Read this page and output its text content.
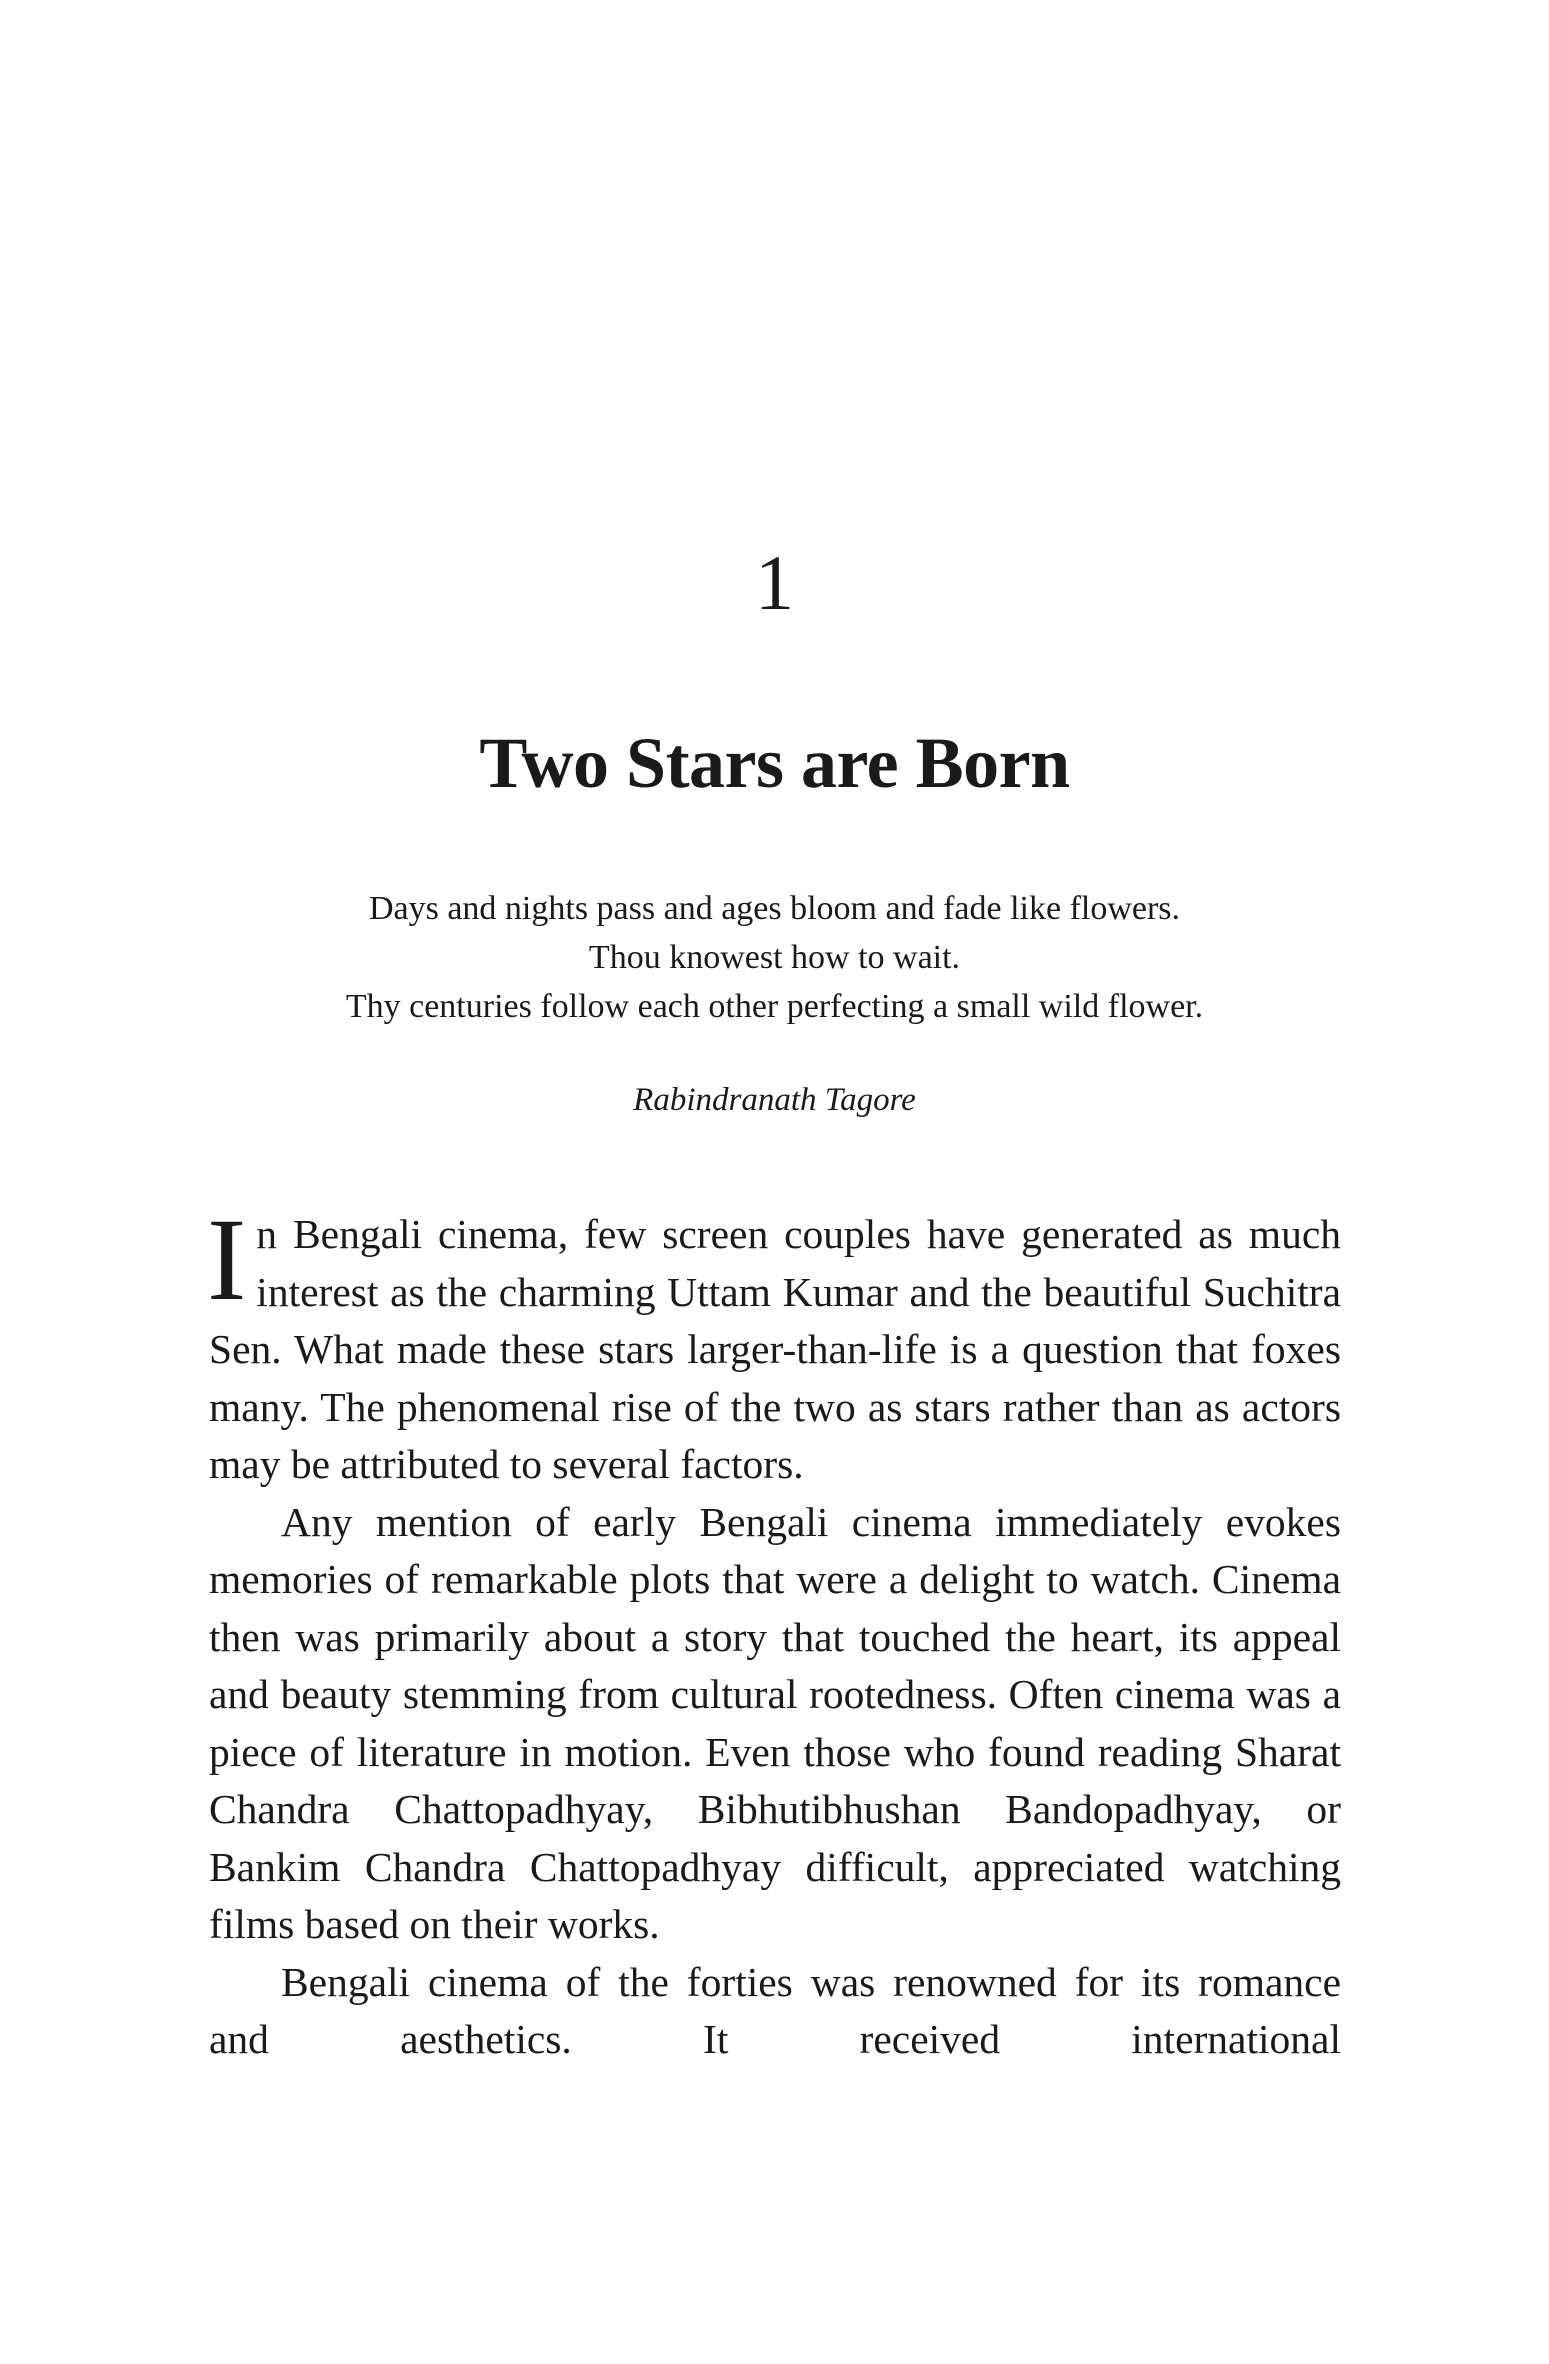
1
Two Stars are Born
Days and nights pass and ages bloom and fade like flowers.
Thou knowest how to wait.
Thy centuries follow each other perfecting a small wild flower.
Rabindranath Tagore

In Bengali cinema, few screen couples have generated as much interest as the charming Uttam Kumar and the beautiful Suchitra Sen. What made these stars larger-than-life is a question that foxes many. The phenomenal rise of the two as stars rather than as actors may be attributed to several factors.

Any mention of early Bengali cinema immediately evokes memories of remarkable plots that were a delight to watch. Cinema then was primarily about a story that touched the heart, its appeal and beauty stemming from cultural rootedness. Often cinema was a piece of literature in motion. Even those who found reading Sharat Chandra Chattopadhyay, Bibhutibhushan Bandopadhyay, or Bankim Chandra Chattopadhyay difficult, appreciated watching films based on their works.

Bengali cinema of the forties was renowned for its romance and aesthetics. It received international
